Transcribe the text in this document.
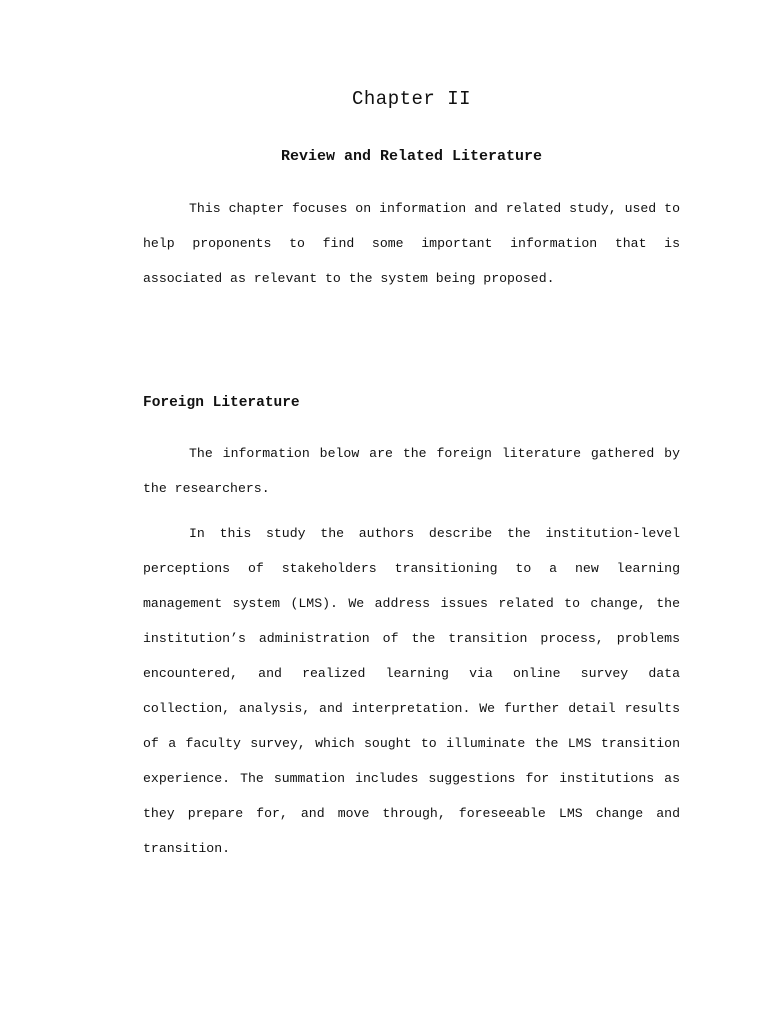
Chapter II
Review and Related Literature

This chapter focuses on information and related study, used to help proponents to find some important information that is associated as relevant to the system being proposed.

Foreign Literature

The information below are the foreign literature gathered by the researchers.

In this study the authors describe the institution-level perceptions of stakeholders transitioning to a new learning management system (LMS). We address issues related to change, the institution’s administration of the transition process, problems encountered, and realized learning via online survey data collection, analysis, and interpretation. We further detail results of a faculty survey, which sought to illuminate the LMS transition experience. The summation includes suggestions for institutions as they prepare for, and move through, foreseeable LMS change and transition.
